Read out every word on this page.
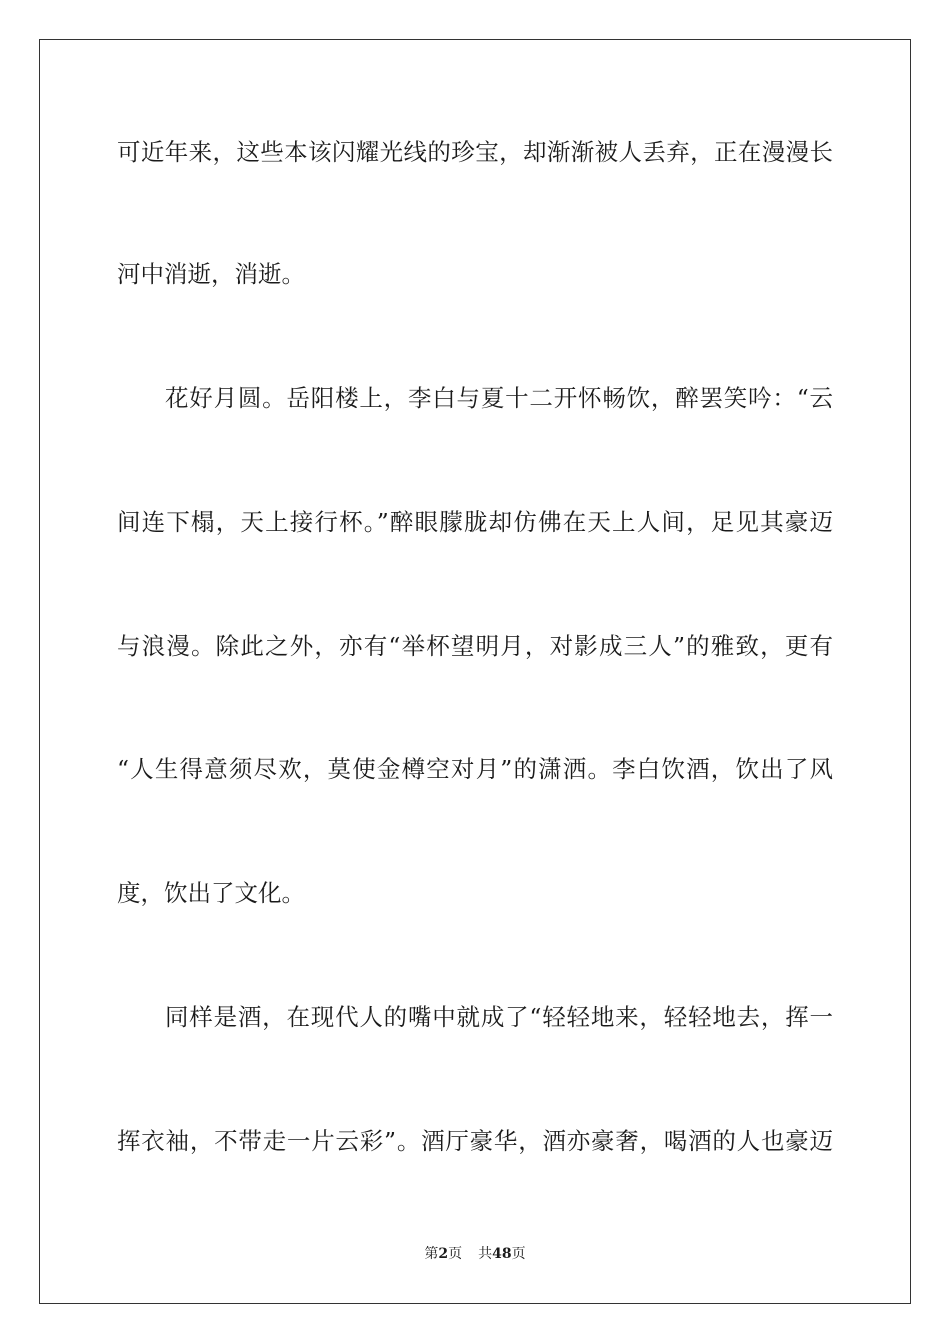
可近年来，这些本该闪耀光线的珍宝，却渐渐被人丢弃，正在漫漫长
河中消逝，消逝。
花好月圆。岳阳楼上，李白与夏十二开怀畅饮，醉罢笑吟：“云
间连下榻，天上接行杯。”醉眼朦胧却仿佛在天上人间，足见其豪迈
与浪漫。除此之外，亦有“举杯望明月，对影成三人”的雅致，更有
“人生得意须尽欢，莫使金樽空对月”的潇洒。李白饮酒，饮出了风
度，饮出了文化。
同样是酒，在现代人的嘴中就成了“轻轻地来，轻轻地去，挥一
挥衣袖，不带走一片云彩”。酒厅豪华，酒亦豪奢，喝酒的人也豪迈
第2页 共48页
